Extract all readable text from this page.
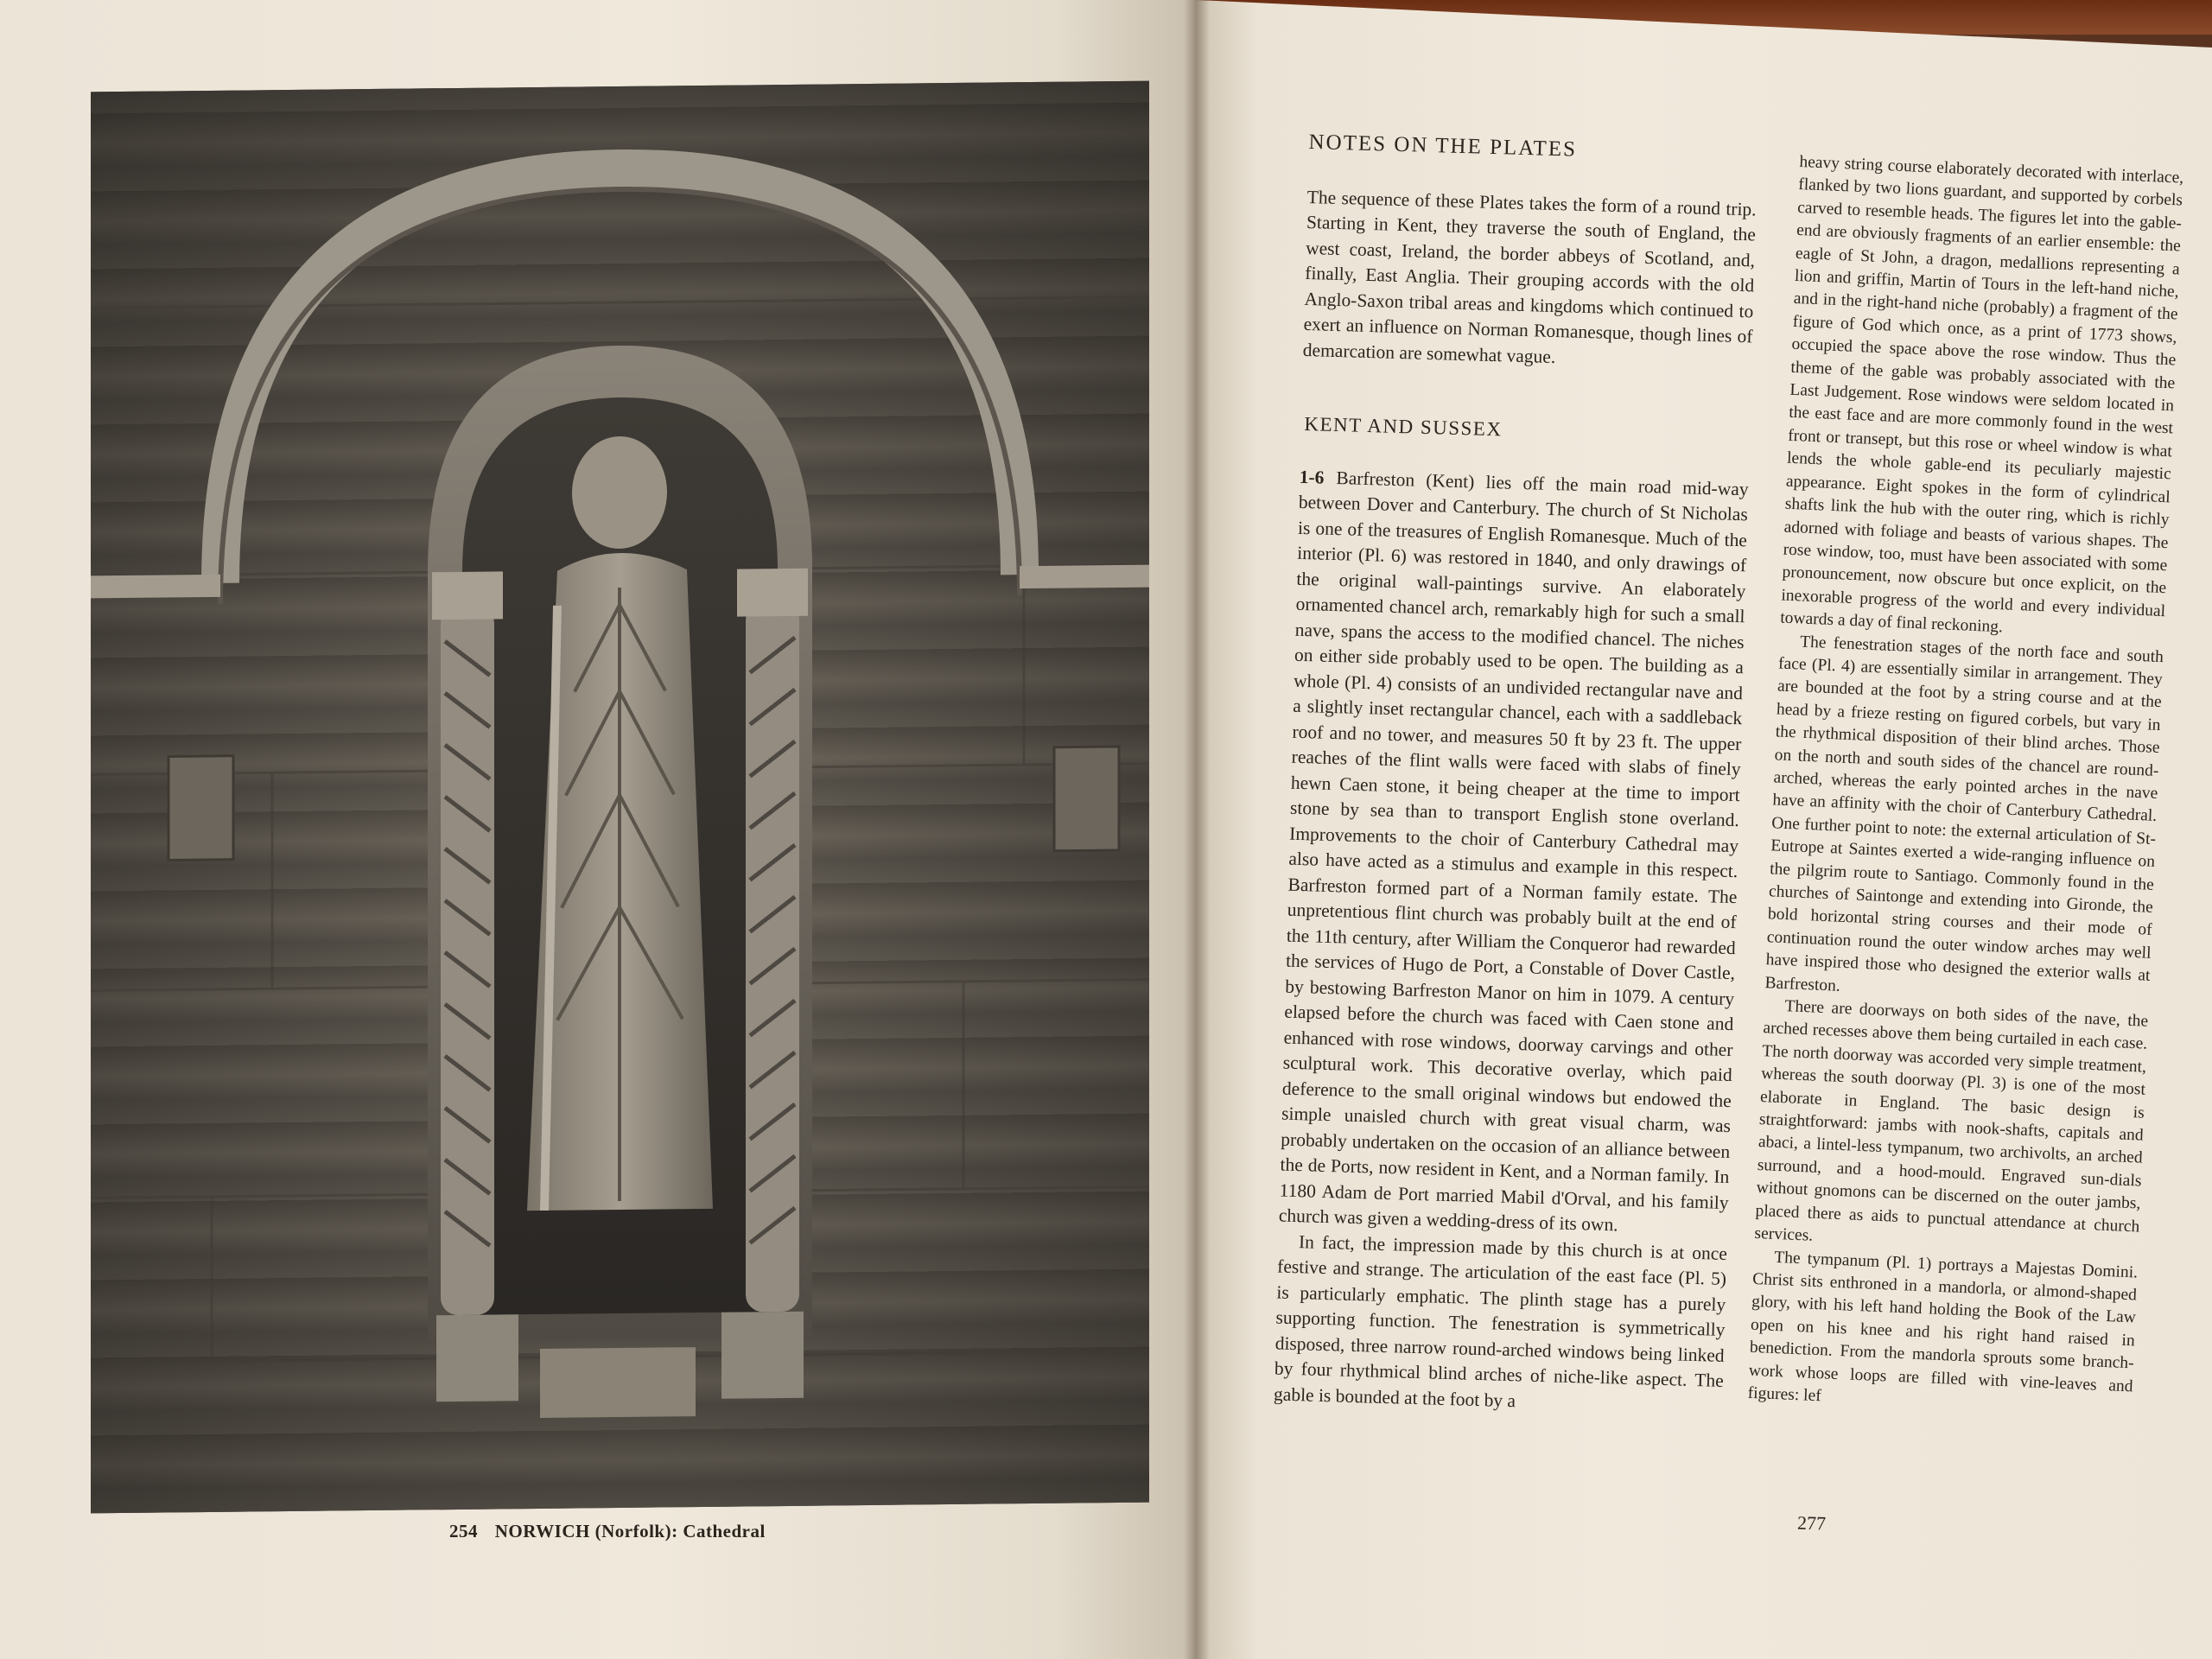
254 NORWICH (Norfolk): Cathedral
NOTES ON THE PLATES

The sequence of these Plates takes the form of a round trip. Starting in Kent, they traverse the south of England, the west coast, Ireland, the border abbeys of Scotland, and, finally, East Anglia. Their grouping accords with the old Anglo-Saxon tribal areas and kingdoms which continued to exert an influence on Norman Romanesque, though lines of demarcation are somewhat vague.

KENT AND SUSSEX

1-6 Barfreston (Kent) lies off the main road mid-way between Dover and Canterbury. The church of St Nicholas is one of the treasures of English Romanesque. Much of the interior (Pl. 6) was restored in 1840, and only drawings of the original wall-paintings survive. An elaborately ornamented chancel arch, remarkably high for such a small nave, spans the access to the modified chancel. The niches on either side probably used to be open. The building as a whole (Pl. 4) consists of an undivided rectangular nave and a slightly inset rectangular chancel, each with a saddleback roof and no tower, and measures 50 ft by 23 ft. The upper reaches of the flint walls were faced with slabs of finely hewn Caen stone, it being cheaper at the time to import stone by sea than to transport English stone overland. Improvements to the choir of Canterbury Cathedral may also have acted as a stimulus and example in this respect. Barfreston formed part of a Norman family estate. The unpretentious flint church was probably built at the end of the 11th century, after William the Conqueror had rewarded the services of Hugo de Port, a Constable of Dover Castle, by bestowing Barfreston Manor on him in 1079. A century elapsed before the church was faced with Caen stone and enhanced with rose windows, doorway carvings and other sculptural work. This decorative overlay, which paid deference to the small original windows but endowed the simple unaisled church with great visual charm, was probably undertaken on the occasion of an alliance between the de Ports, now resident in Kent, and a Norman family. In 1180 Adam de Port married Mabil d'Orval, and his family church was given a wedding-dress of its own.

In fact, the impression made by this church is at once festive and strange. The articulation of the east face (Pl. 5) is particularly emphatic. The plinth stage has a purely supporting function. The fenestration is symmetrically disposed, three narrow round-arched windows being linked by four rhythmical blind arches of niche-like aspect. The gable is bounded at the foot by a

heavy string course elaborately decorated with interlace, flanked by two lions guardant, and supported by corbels carved to resemble heads. The figures let into the gable-end are obviously fragments of an earlier ensemble: the eagle of St John, a dragon, medallions representing a lion and griffin, Martin of Tours in the left-hand niche, and in the right-hand niche (probably) a fragment of the figure of God which once, as a print of 1773 shows, occupied the space above the rose window. Thus the theme of the gable was probably associated with the Last Judgement. Rose windows were seldom located in the east face and are more commonly found in the west front or transept, but this rose or wheel window is what lends the whole gable-end its peculiarly majestic appearance. Eight spokes in the form of cylindrical shafts link the hub with the outer ring, which is richly adorned with foliage and beasts of various shapes. The rose window, too, must have been associated with some pronouncement, now obscure but once explicit, on the inexorable progress of the world and every individual towards a day of final reckoning.

The fenestration stages of the north face and south face (Pl. 4) are essentially similar in arrangement. They are bounded at the foot by a string course and at the head by a frieze resting on figured corbels, but vary in the rhythmical disposition of their blind arches. Those on the north and south sides of the chancel are round-arched, whereas the early pointed arches in the nave have an affinity with the choir of Canterbury Cathedral. One further point to note: the external articulation of St-Eutrope at Saintes exerted a wide-ranging influence on the pilgrim route to Santiago. Commonly found in the churches of Saintonge and extending into Gironde, the bold horizontal string courses and their mode of continuation round the outer window arches may well have inspired those who designed the exterior walls at Barfreston.

There are doorways on both sides of the nave, the arched recesses above them being curtailed in each case. The north doorway was accorded very simple treatment, whereas the south doorway (Pl. 3) is one of the most elaborate in England. The basic design is straightforward: jambs with nook-shafts, capitals and abaci, a lintel-less tympanum, two archivolts, an arched surround, and a hood-mould. Engraved sun-dials without gnomons can be discerned on the outer jambs, placed there as aids to punctual attendance at church services.

The tympanum (Pl. 1) portrays a Majestas Domini. Christ sits enthroned in a mandorla, or almond-shaped glory, with his left hand holding the Book of the Law open on his knee and his right hand raised in benediction. From the mandorla sprouts some branch-work whose loops are filled with vine-leaves and figures: lef

277
